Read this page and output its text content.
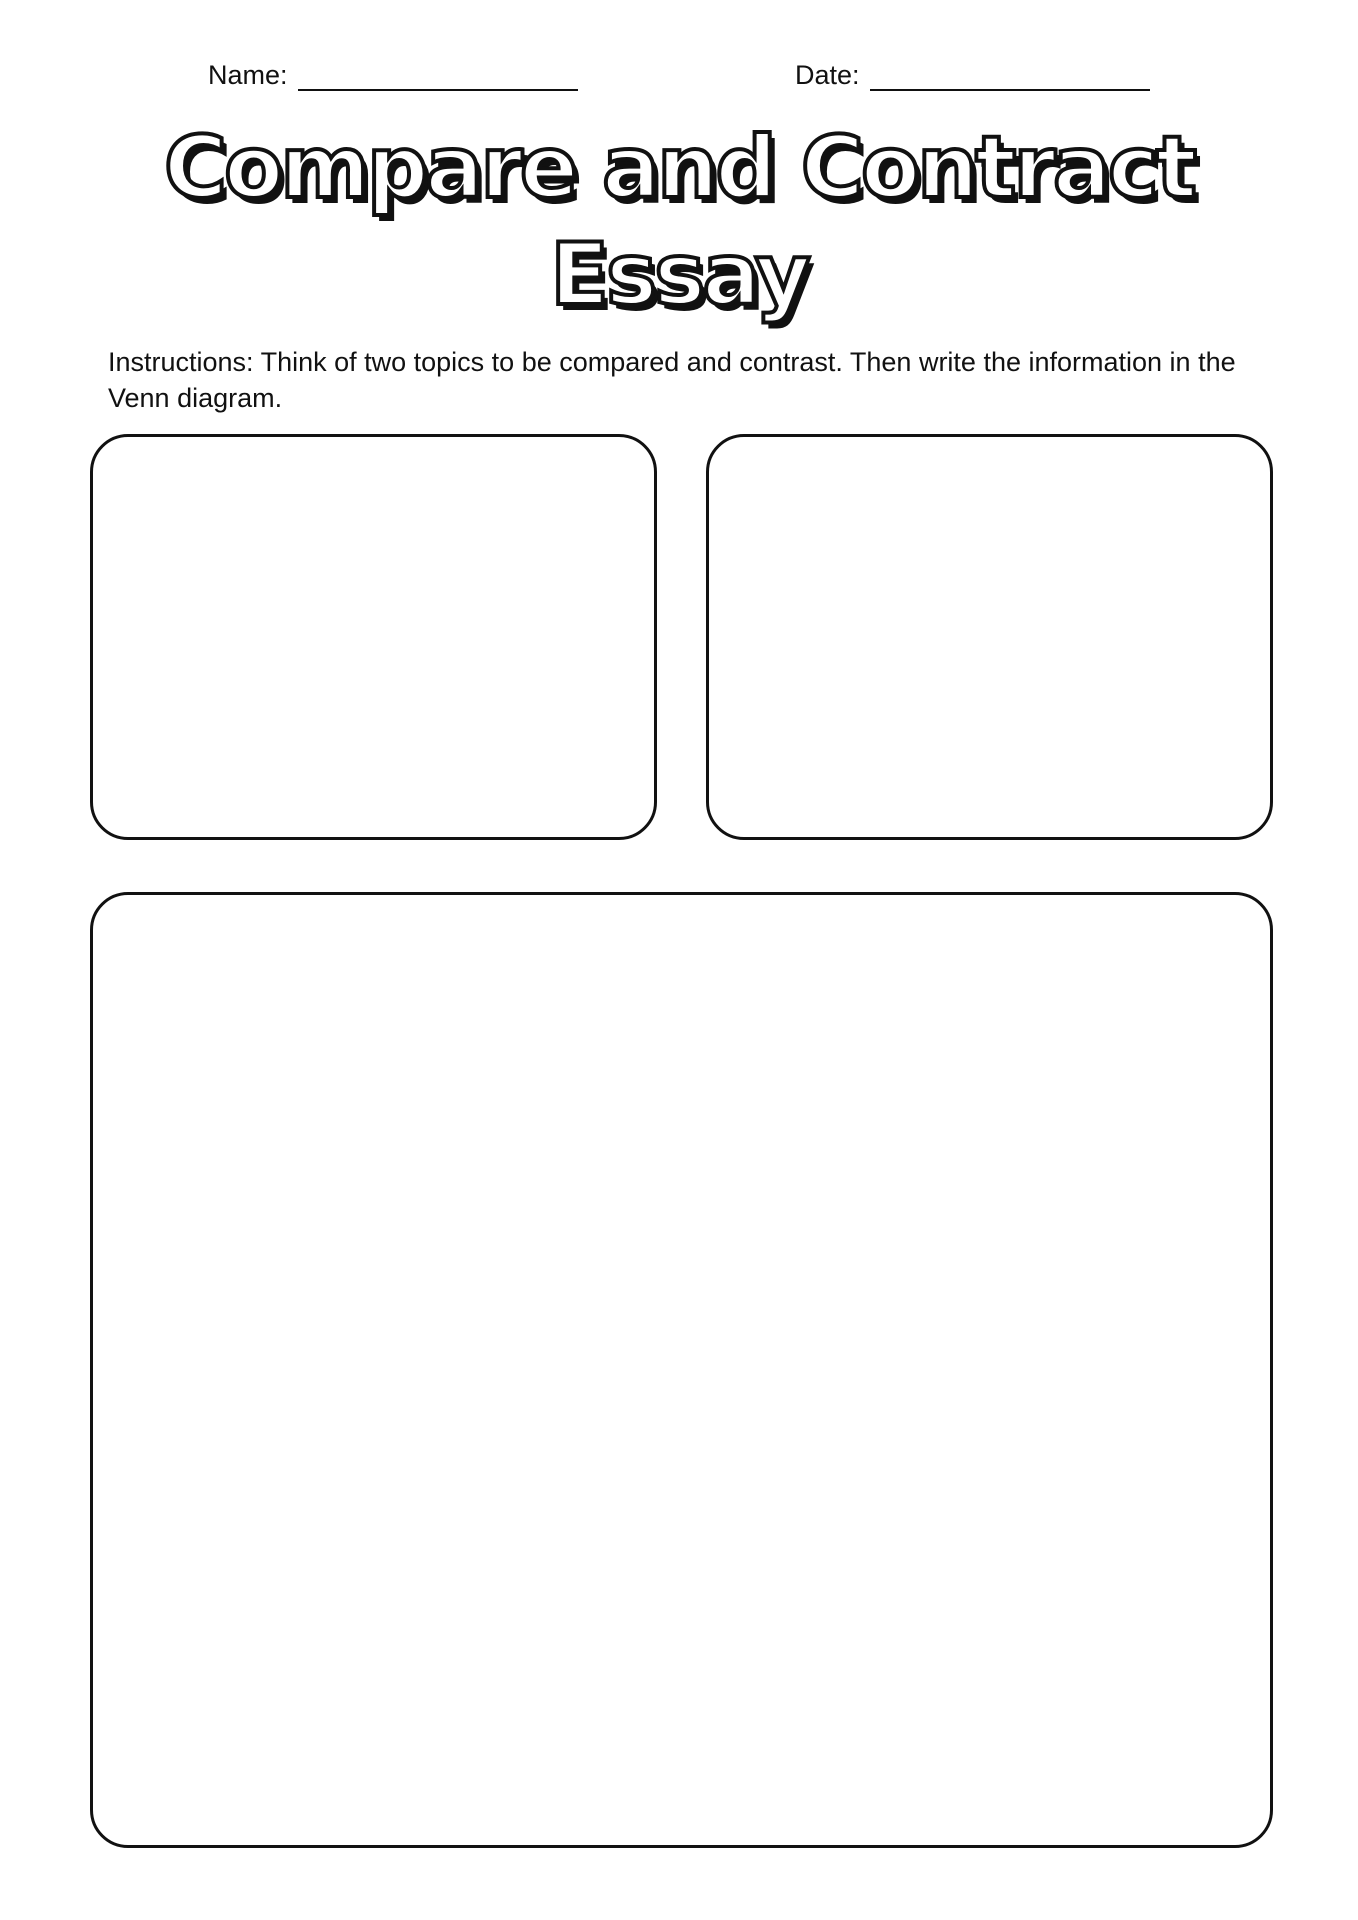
Name:	Date:
Compare and Contract
Essay
Instructions: Think of two topics to be compared and contrast. Then write the information in the Venn diagram.
